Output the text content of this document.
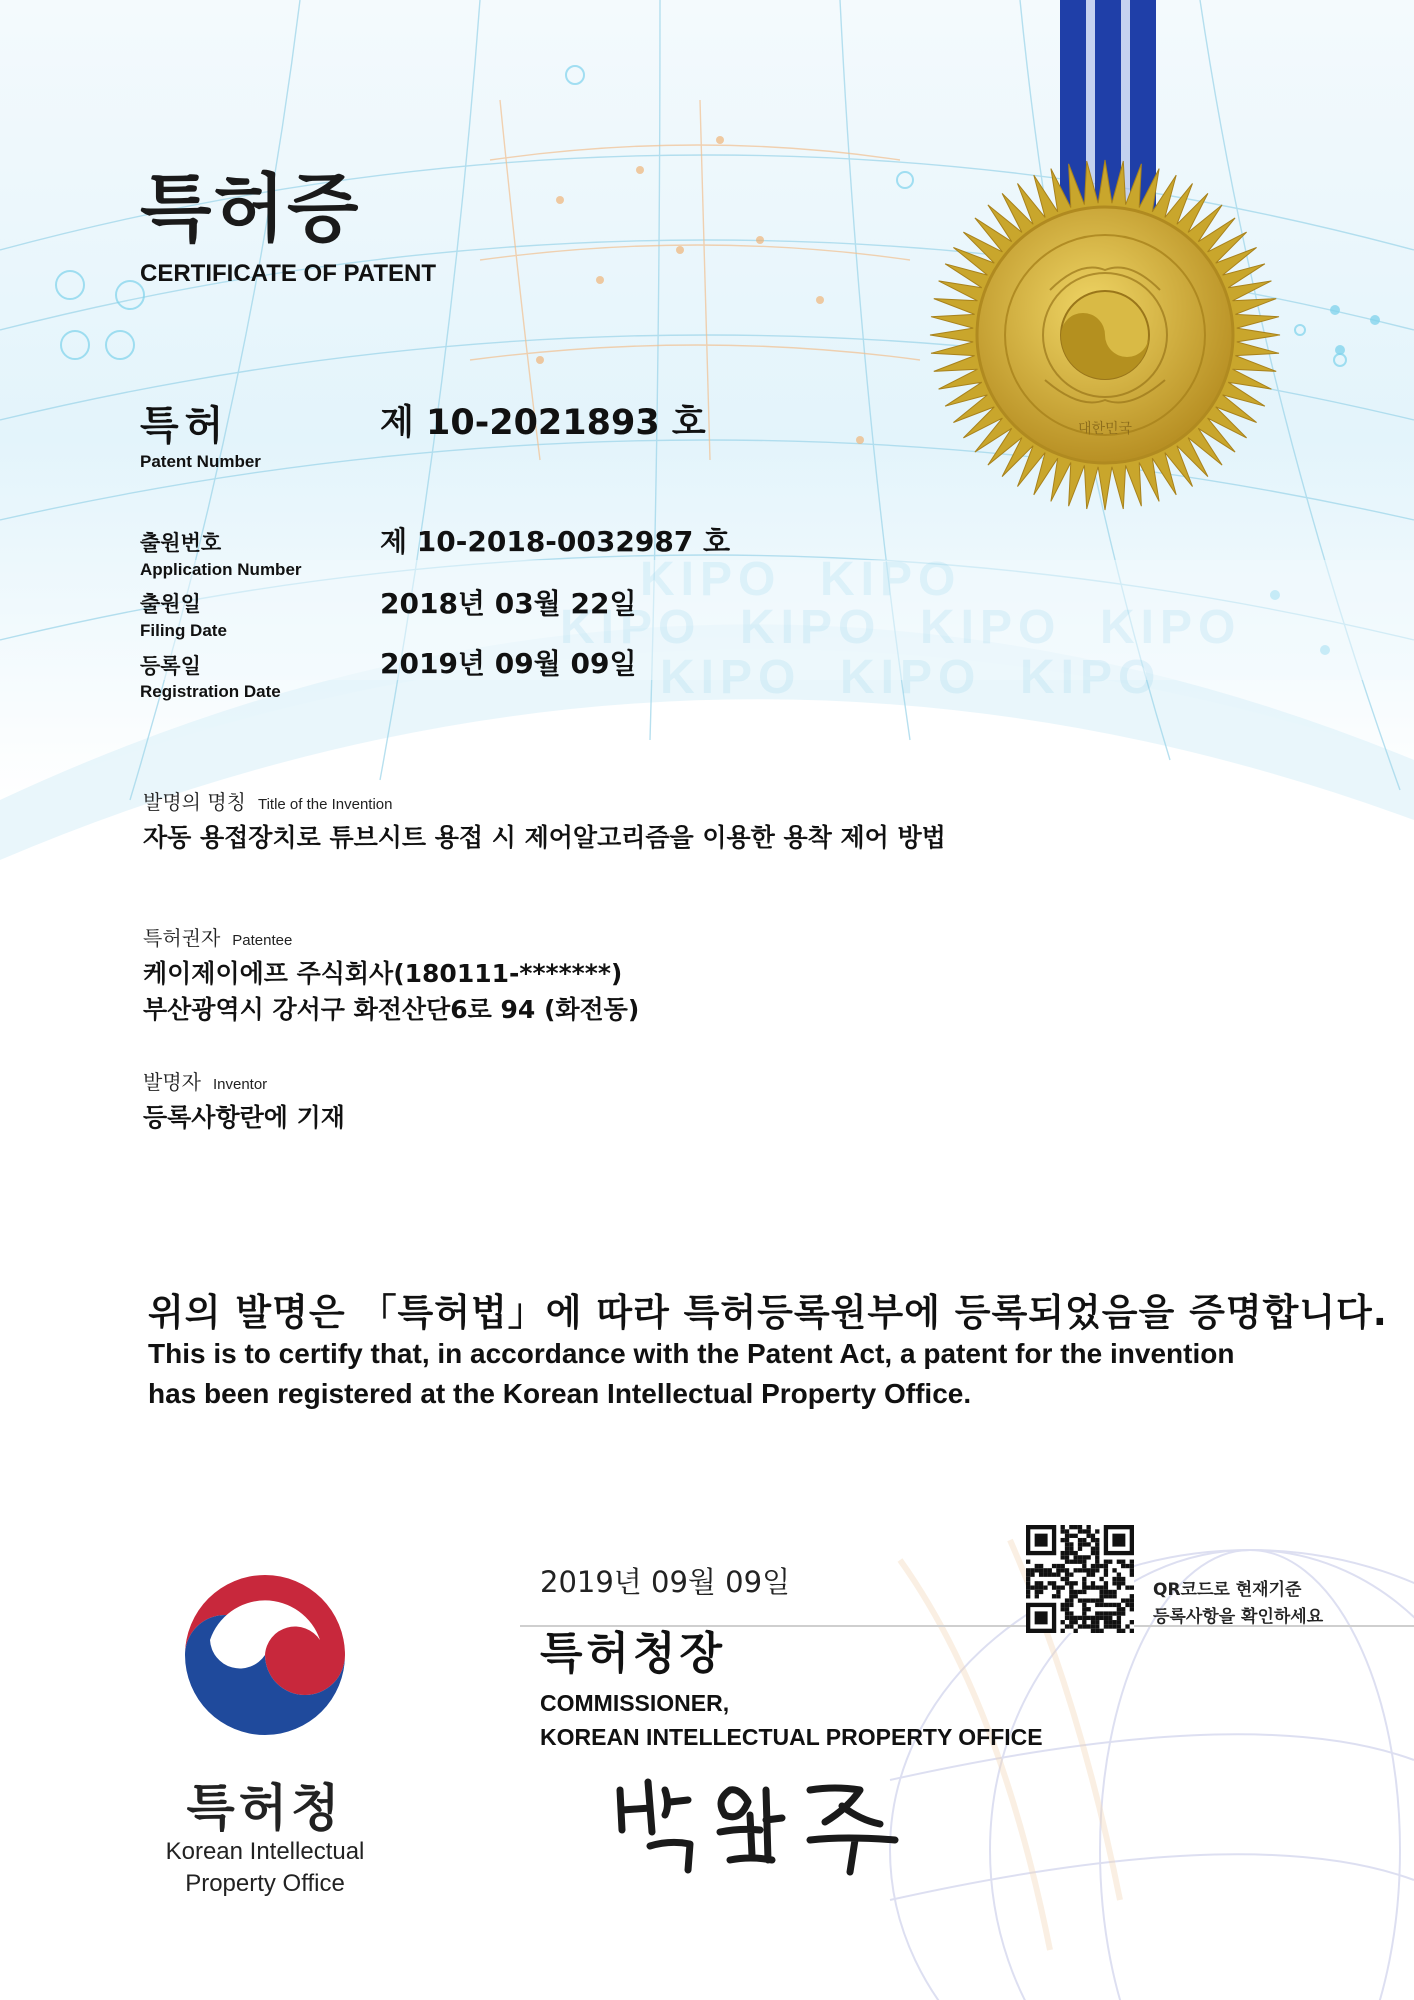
대한민국
KIPO KIPO
KIPO KIPO KIPO KIPO
KIPO KIPO KIPO
특허증
CERTIFICATE OF PATENT
특허
Patent Number
제 10-2021893 호
출원번호
Application Number
제 10-2018-0032987 호
출원일
Filing Date
2018년 03월 22일
등록일
Registration Date
2019년 09월 09일
발명의 명칭 Title of the Invention
자동 용접장치로 튜브시트 용접 시 제어알고리즘을 이용한 용착 제어 방법
특허권자 Patentee
케이제이에프 주식회사(180111-*******)
부산광역시 강서구 화전산단6로 94 (화전동)
발명자 Inventor
등록사항란에 기재
위의 발명은 「특허법」에 따라 특허등록원부에 등록되었음을 증명합니다.
This is to certify that, in accordance with the Patent Act, a patent for the invention
has been registered at the Korean Intellectual Property Office.
2019년 09월 09일
특허청장
COMMISSIONER,
KOREAN INTELLECTUAL PROPERTY OFFICE
QR코드로 현재기준
등록사항을 확인하세요
특허청
Korean Intellectual
Property Office
